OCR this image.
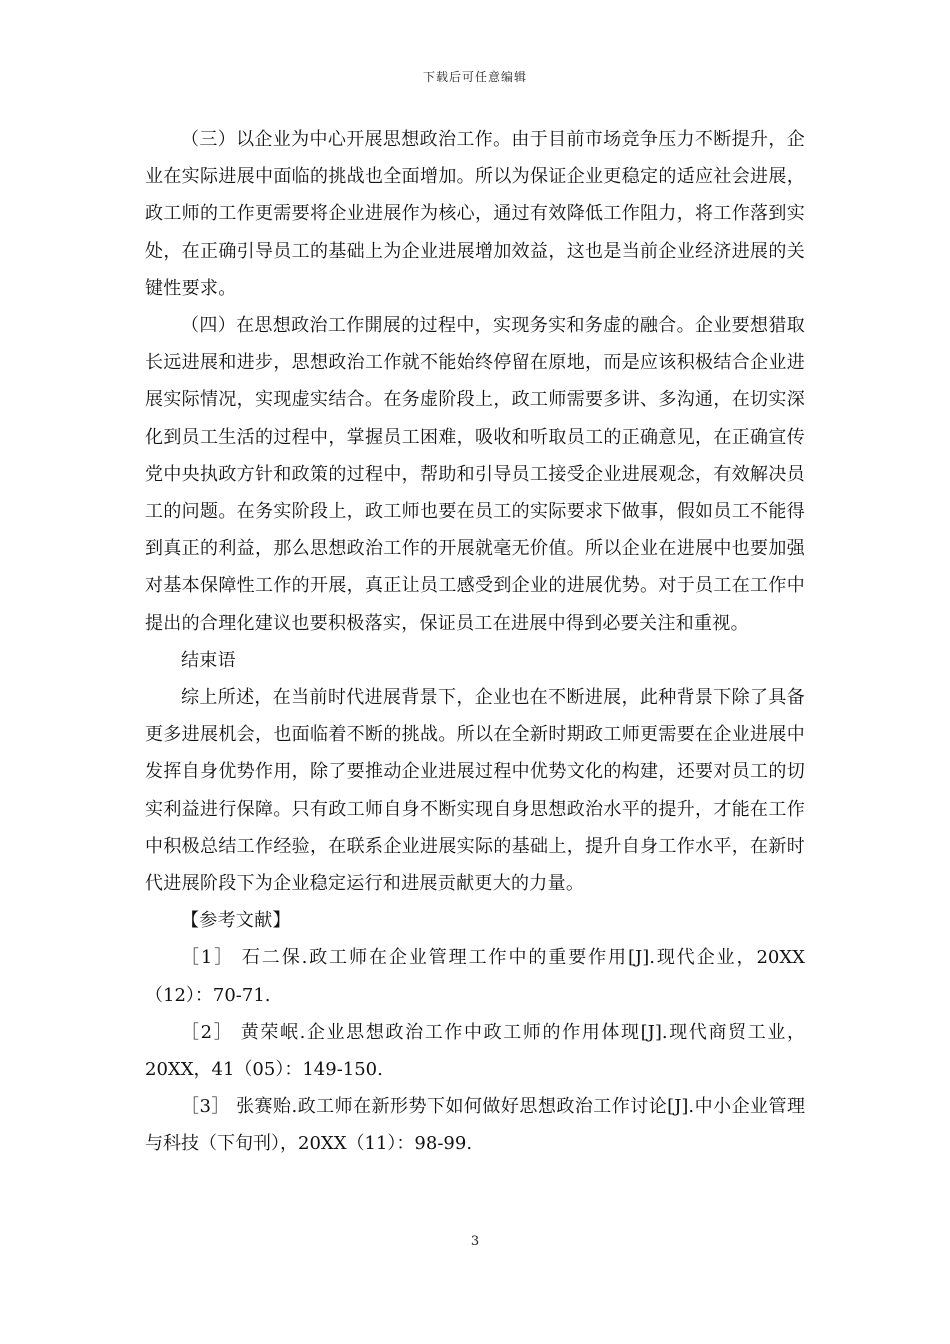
下载后可任意编辑

（三）以企业为中心开展思想政治工作。由于目前市场竞争压力不断提升，企业在实际进展中面临的挑战也全面增加。所以为保证企业更稳定的适应社会进展，政工师的工作更需要将企业进展作为核心，通过有效降低工作阻力，将工作落到实处，在正确引导员工的基础上为企业进展增加效益，这也是当前企业经济进展的关键性要求。

（四）在思想政治工作開展的过程中，实现务实和务虚的融合。企业要想猎取长远进展和进步，思想政治工作就不能始终停留在原地，而是应该积极结合企业进展实际情况，实现虚实结合。在务虚阶段上，政工师需要多讲、多沟通，在切实深化到员工生活的过程中，掌握员工困难，吸收和听取员工的正确意见，在正确宣传党中央执政方针和政策的过程中，帮助和引导员工接受企业进展观念，有效解决员工的问题。在务实阶段上，政工师也要在员工的实际要求下做事，假如员工不能得到真正的利益，那么思想政治工作的开展就毫无价值。所以企业在进展中也要加强对基本保障性工作的开展，真正让员工感受到企业的进展优势。对于员工在工作中提出的合理化建议也要积极落实，保证员工在进展中得到必要关注和重视。

结束语

综上所述，在当前时代进展背景下，企业也在不断进展，此种背景下除了具备更多进展机会，也面临着不断的挑战。所以在全新时期政工师更需要在企业进展中发挥自身优势作用，除了要推动企业进展过程中优势文化的构建，还要对员工的切实利益进行保障。只有政工师自身不断实现自身思想政治水平的提升，才能在工作中积极总结工作经验，在联系企业进展实际的基础上，提升自身工作水平，在新时代进展阶段下为企业稳定运行和进展贡献更大的力量。

【参考文献】

［1］ 石二保.政工师在企业管理工作中的重要作用[J].现代企业，20XX（12）：70-71.

［2］ 黄荣岷.企业思想政治工作中政工师的作用体现[J].现代商贸工业，20XX，41（05）：149-150.

［3］ 张赛贻.政工师在新形势下如何做好思想政治工作讨论[J].中小企业管理与科技（下旬刊），20XX（11）：98-99.

3
